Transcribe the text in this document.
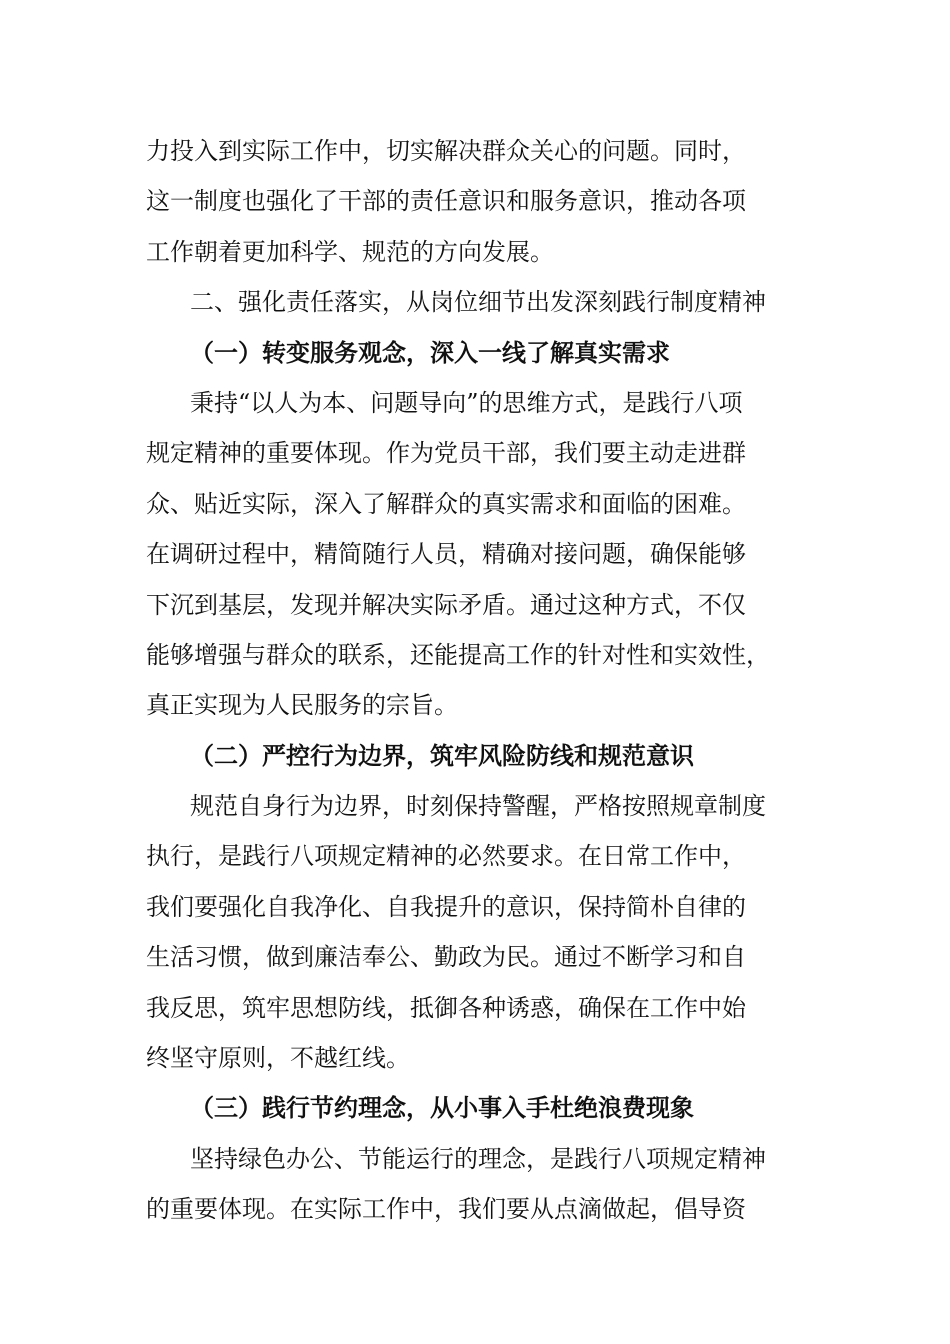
力投入到实际工作中，切实解决群众关心的问题。同时，
这一制度也强化了干部的责任意识和服务意识，推动各项
工作朝着更加科学、规范的方向发展。
二、强化责任落实，从岗位细节出发深刻践行制度精神
（一）转变服务观念，深入一线了解真实需求
秉持“以人为本、问题导向”的思维方式，是践行八项
规定精神的重要体现。作为党员干部，我们要主动走进群
众、贴近实际，深入了解群众的真实需求和面临的困难。
在调研过程中，精简随行人员，精确对接问题，确保能够
下沉到基层，发现并解决实际矛盾。通过这种方式，不仅
能够增强与群众的联系，还能提高工作的针对性和实效性，
真正实现为人民服务的宗旨。
（二）严控行为边界，筑牢风险防线和规范意识
规范自身行为边界，时刻保持警醒，严格按照规章制度
执行，是践行八项规定精神的必然要求。在日常工作中，
我们要强化自我净化、自我提升的意识，保持简朴自律的
生活习惯，做到廉洁奉公、勤政为民。通过不断学习和自
我反思，筑牢思想防线，抵御各种诱惑，确保在工作中始
终坚守原则，不越红线。
（三）践行节约理念，从小事入手杜绝浪费现象
坚持绿色办公、节能运行的理念，是践行八项规定精神
的重要体现。在实际工作中，我们要从点滴做起，倡导资
